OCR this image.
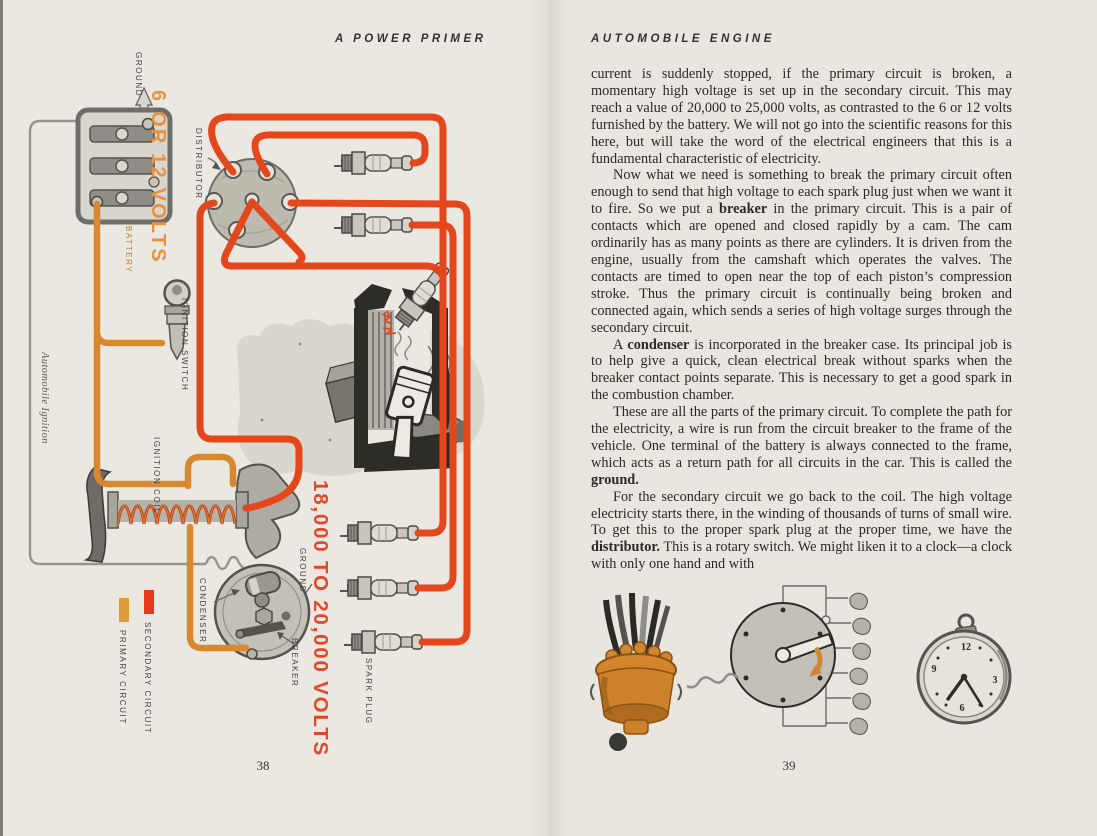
A POWER PRIMER
GROUND
6 OR 12 VOLTS
BATTERY
DISTRIBUTOR
IGNITION SWITCH
IGNITION COIL
CONDENSER
GROUND
BREAKER	SPARK PLUG
18,000 TO 20,000 VOLTS
SECONDARY CIRCUIT
PRIMARY CIRCUIT
Automobile Ignition
38
AUTOMOBILE ENGINE

current is suddenly stopped, if the primary circuit is broken, a momentary high voltage is set up in the secondary circuit. This may reach a value of 20,000 to 25,000 volts, as contrasted to the 6 or 12 volts furnished by the battery. We will not go into the scientific reasons for this here, but will take the word of the electrical engineers that this is a fundamental characteristic of electricity.

Now what we need is something to break the primary circuit often enough to send that high voltage to each spark plug just when we want it to fire. So we put a breaker in the primary circuit. This is a pair of contacts which are opened and closed rapidly by a cam. The cam ordinarily has as many points as there are cylinders. It is driven from the engine, usually from the camshaft which operates the valves. The contacts are timed to open near the top of each piston’s compression stroke. Thus the primary circuit is continually being broken and connected again, which sends a series of high voltage surges through the secondary circuit.

A condenser is incorporated in the breaker case. Its principal job is to help give a quick, clean electrical break without sparks when the breaker contact points separate. This is necessary to get a good spark in the combustion chamber.

These are all the parts of the primary circuit. To complete the path for the electricity, a wire is run from the circuit breaker to the frame of the vehicle. One terminal of the battery is always connected to the frame, which acts as a return path for all circuits in the car. This is called the ground.

For the secondary circuit we go back to the coil. The high voltage electricity starts there, in the winding of thousands of turns of small wire. To get this to the proper spark plug at the proper time, we have the distributor. This is a rotary switch. We might liken it to a clock—a clock with only one hand and with

12
3
6
9
39
